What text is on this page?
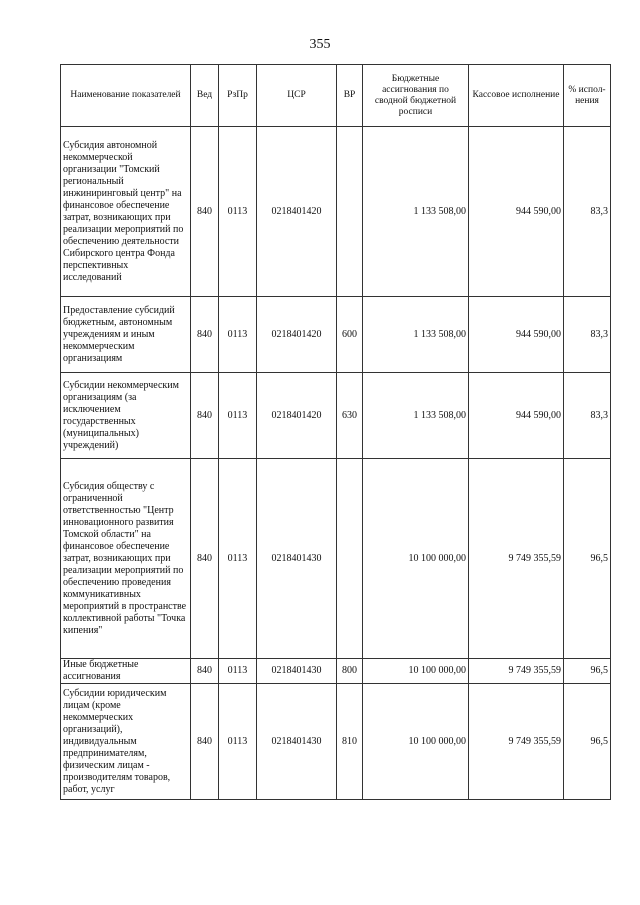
355
Наименование показателей	Вед	РзПр	ЦСР	ВР	Бюджетные ассигнования по сводной бюджетной росписи	Кассовое исполнение	% испол-нения
Субсидия автономной некоммерческой организации "Томский региональный инжиниринговый центр" на финансовое обеспечение затрат, возникающих при реализации мероприятий по обеспечению деятельности Сибирского центра Фонда перспективных исследований	840	0113	0218401420		1 133 508,00	944 590,00	83,3
Предоставление субсидий бюджетным, автономным учреждениям и иным некоммерческим организациям	840	0113	0218401420	600	1 133 508,00	944 590,00	83,3
Субсидии некоммерческим организациям (за исключением государственных (муниципальных) учреждений)	840	0113	0218401420	630	1 133 508,00	944 590,00	83,3
Субсидия обществу с ограниченной ответственностью "Центр инновационного развития Томской области" на финансовое обеспечение затрат, возникающих при реализации мероприятий по обеспечению проведения коммуникативных мероприятий в пространстве коллективной работы "Точка кипения"	840	0113	0218401430		10 100 000,00	9 749 355,59	96,5
Иные бюджетные ассигнования	840	0113	0218401430	800	10 100 000,00	9 749 355,59	96,5
Субсидии юридическим лицам (кроме некоммерческих организаций), индивидуальным предпринимателям, физическим лицам - производителям товаров, работ, услуг	840	0113	0218401430	810	10 100 000,00	9 749 355,59	96,5
